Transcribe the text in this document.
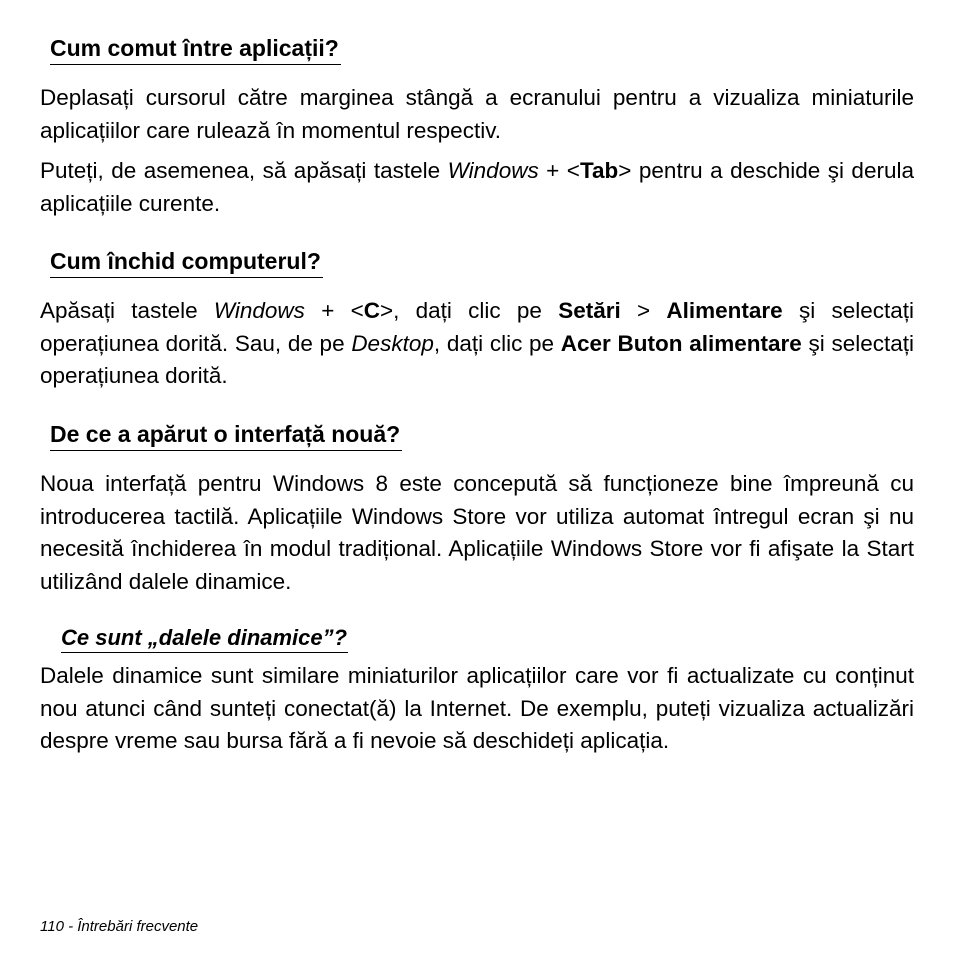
Cum comut între aplicații?

Deplasați cursorul către marginea stângă a ecranului pentru a vizualiza miniaturile aplicațiilor care rulează în momentul respectiv.

Puteți, de asemenea, să apăsați tastele Windows + <Tab> pentru a deschide şi derula aplicațiile curente.

Cum închid computerul?

Apăsați tastele Windows + <C>, dați clic pe Setări > Alimentare şi selectați operațiunea dorită. Sau, de pe Desktop, dați clic pe Acer Buton alimentare şi selectați operațiunea dorită.

De ce a apărut o interfață nouă?

Noua interfață pentru Windows 8 este concepută să funcționeze bine împreună cu introducerea tactilă. Aplicațiile Windows Store vor utiliza automat întregul ecran şi nu necesită închiderea în modul tradițional. Aplicațiile Windows Store vor fi afişate la Start utilizând dalele dinamice.

Ce sunt „dalele dinamice”?

Dalele dinamice sunt similare miniaturilor aplicațiilor care vor fi actualizate cu conținut nou atunci când sunteți conectat(ă) la Internet. De exemplu, puteți vizualiza actualizări despre vreme sau bursa fără a fi nevoie să deschideți aplicația.

110 - Întrebări frecvente
